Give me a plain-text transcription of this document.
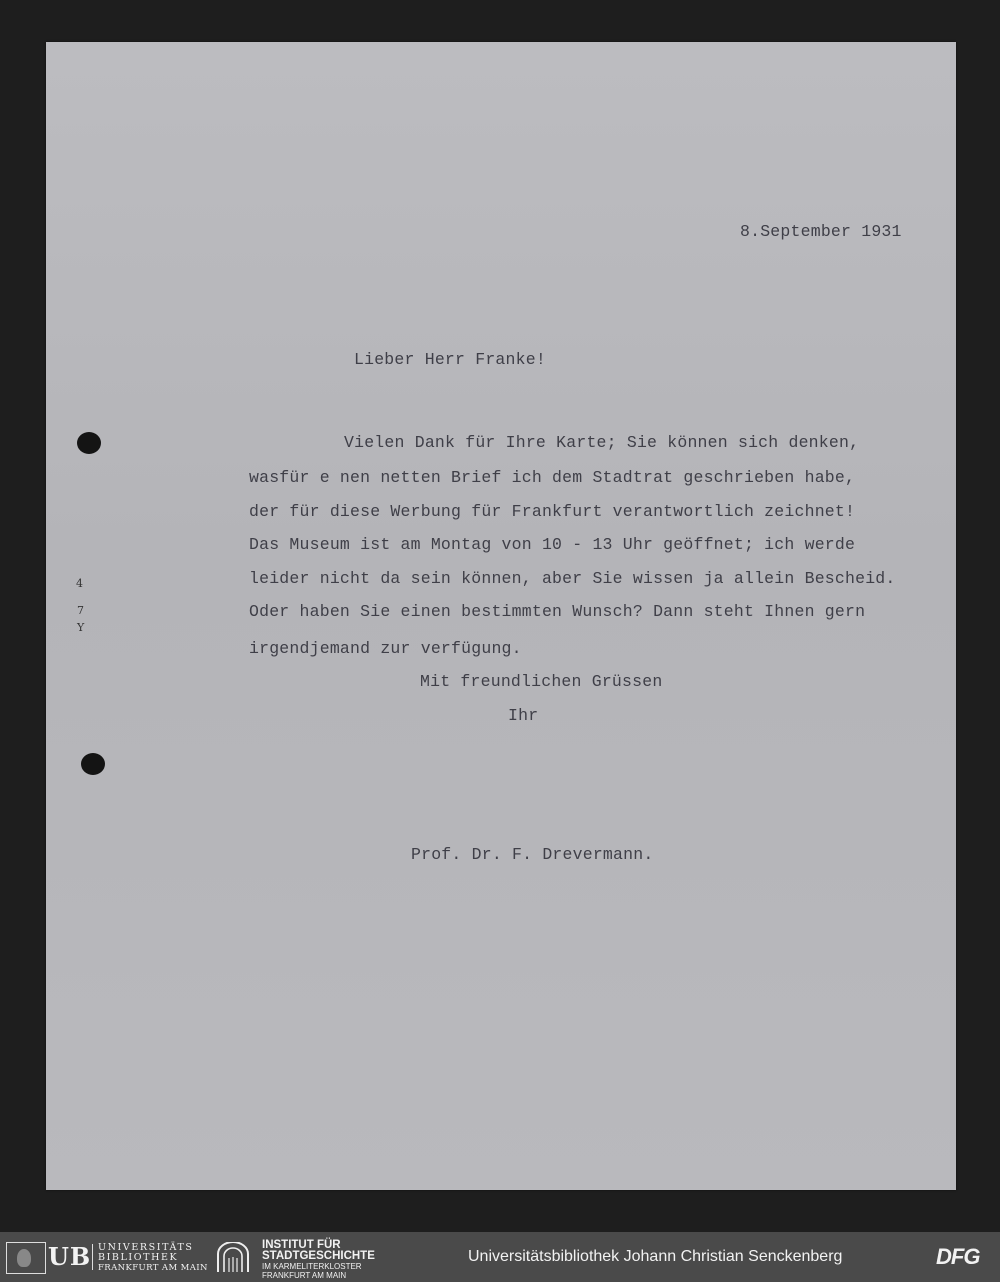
4
7
Y
8.September 1931
Lieber Herr Franke!
Vielen Dank für Ihre Karte; Sie können sich denken,
wasfür e nen netten Brief ich dem Stadtrat geschrieben habe,
der für diese Werbung für Frankfurt verantwortlich zeichnet!
Das Museum ist am Montag von 10 - 13 Uhr geöffnet; ich werde
leider nicht da sein können, aber Sie wissen ja allein Bescheid.
Oder haben Sie einen bestimmten Wunsch? Dann steht Ihnen gern
irgendjemand zur verfügung.
Mit freundlichen Grüssen
Ihr
Prof. Dr. F. Drevermann.
UB UNIVERSITÄTS
BIBLIOTHEK
FRANKFURT AM MAIN
INSTITUT FÜR
STADTGESCHICHTE
IM KARMELITERKLOSTER
FRANKFURT AM MAIN
Universitätsbibliothek Johann Christian Senckenberg	DFG
